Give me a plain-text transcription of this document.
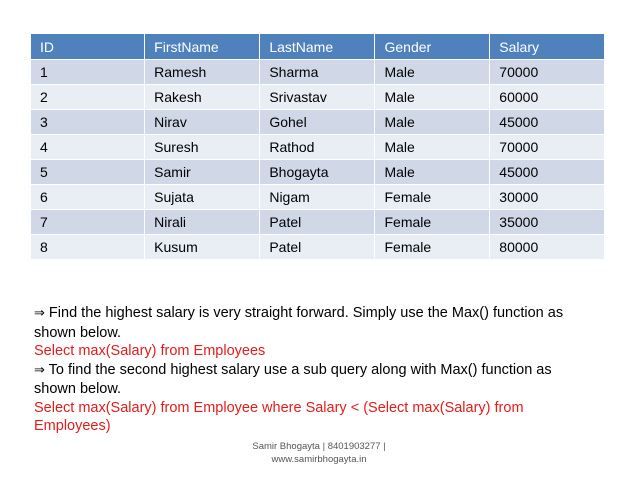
ID	FirstName	LastName	Gender	Salary
1	Ramesh	Sharma	Male	70000
2	Rakesh	Srivastav	Male	60000
3	Nirav	Gohel	Male	45000
4	Suresh	Rathod	Male	70000
5	Samir	Bhogayta	Male	45000
6	Sujata	Nigam	Female	30000
7	Nirali	Patel	Female	35000
8	Kusum	Patel	Female	80000
⇒ Find the highest salary is very straight forward. Simply use the Max() function as
shown below.
Select max(Salary) from Employees
⇒ To find the second highest salary use a sub query along with Max() function as
shown below.
Select max(Salary) from Employee where Salary < (Select max(Salary) from
Employees)
Samir Bhogayta | 8401903277 |
www.samirbhogayta.in
